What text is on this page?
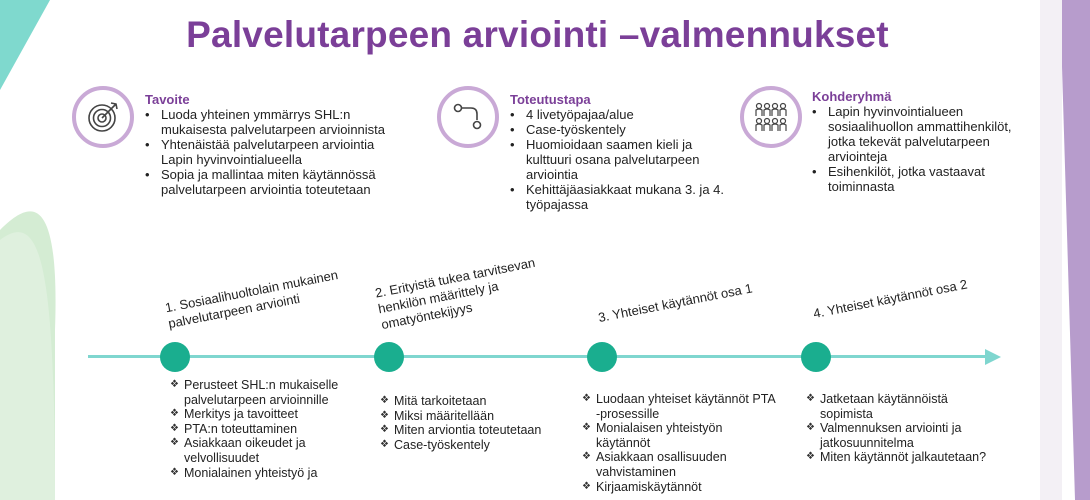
Palvelutarpeen arviointi –valmennukset
Tavoite
• Luoda yhteinen ymmärrys SHL:n mukaisesta palvelutarpeen arvioinnista
• Yhtenäistää palvelutarpeen arviointia Lapin hyvinvointialueella
• Sopia ja mallintaa miten käytännössä palvelutarpeen arviointia toteutetaan
Toteutustapa
• 4 livetyöpajaa/alue
• Case-työskentely
• Huomioidaan saamen kieli ja kulttuuri osana palvelutarpeen arviointia
• Kehittäjäasiakkaat mukana 3. ja 4. työpajassa
Kohderyhmä
• Lapin hyvinvointialueen sosiaalihuollon ammattihenkilöt, jotka tekevät palvelutarpeen arviointeja
• Esihenkilöt, jotka vastaavat toiminnasta
1. Sosiaalihuoltolain mukainen palvelutarpeen arviointi
2. Erityistä tukea tarvitsevan henkilön määrittely ja omatyöntekijyys	3. Yhteiset käytännöt osa 1	4. Yhteiset käytännöt osa 2
❖ Perusteet SHL:n mukaiselle palvelutarpeen arvioinnille
❖ Merkitys ja tavoitteet
❖ PTA:n toteuttaminen
❖ Asiakkaan oikeudet ja velvollisuudet
❖ Monialainen yhteistyö ja
❖ Mitä tarkoitetaan
❖ Miksi määritellään
❖ Miten arviontia toteutetaan
❖ Case-työskentely
❖ Luodaan yhteiset käytännöt PTA -prosessille
❖ Monialaisen yhteistyön käytännöt
❖ Asiakkaan osallisuuden vahvistaminen
❖ Kirjaamiskäytännöt
❖ Jatketaan käytännöistä sopimista
❖ Valmennuksen arviointi ja jatkosuunnitelma
❖ Miten käytännöt jalkautetaan?
